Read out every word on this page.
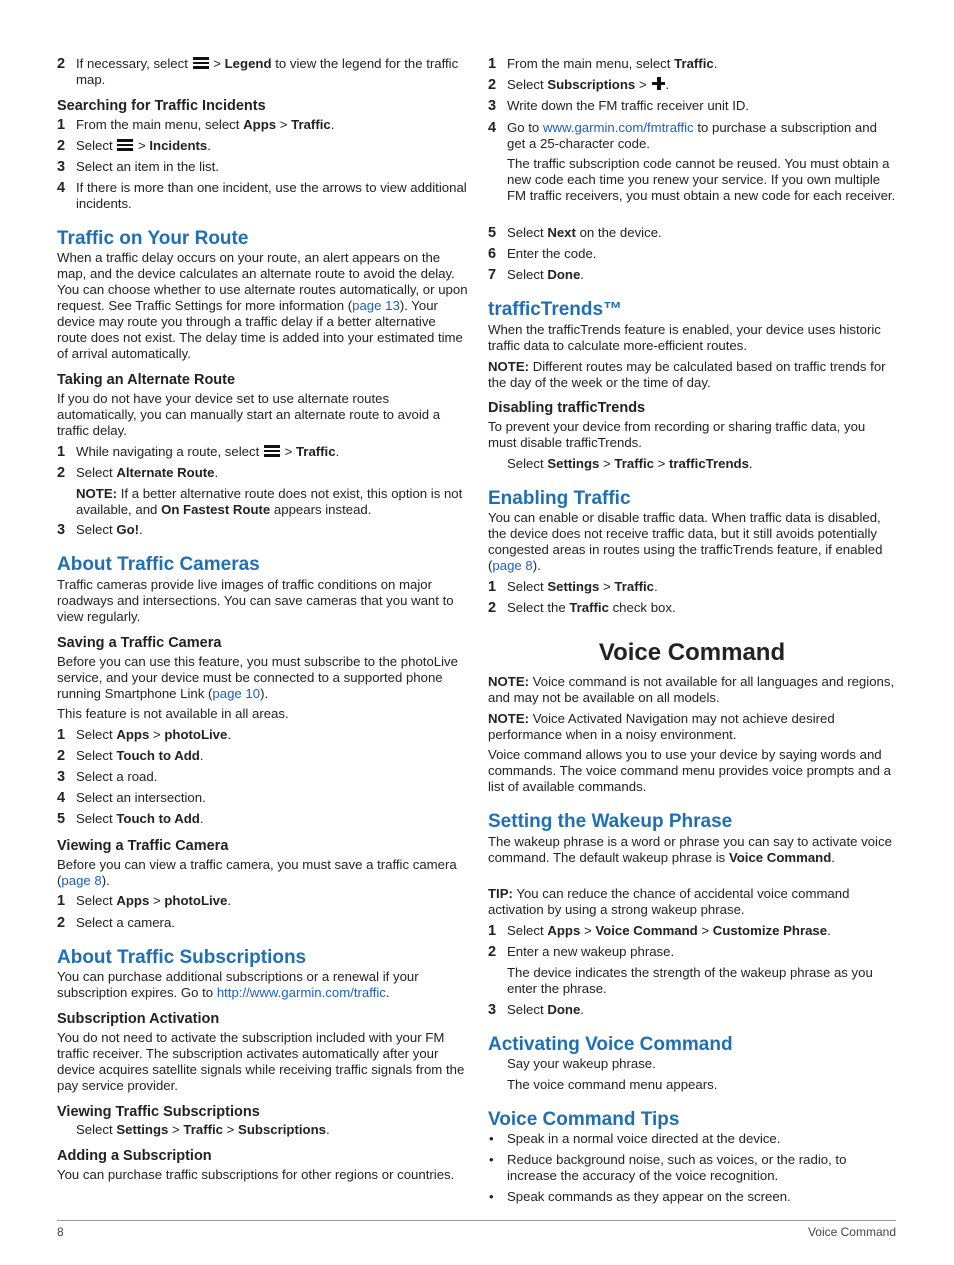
2 If necessary, select > Legend to view the legend for the traffic map.
Searching for Traffic Incidents
1 From the main menu, select Apps > Traffic.
2 Select > Incidents.
3 Select an item in the list.
4 If there is more than one incident, use the arrows to view additional incidents.
Traffic on Your Route
When a traffic delay occurs on your route, an alert appears on the map, and the device calculates an alternate route to avoid the delay. You can choose whether to use alternate routes automatically, or upon request. See Traffic Settings for more information (page 13). Your device may route you through a traffic delay if a better alternative route does not exist. The delay time is added into your estimated time of arrival automatically.
Taking an Alternate Route
If you do not have your device set to use alternate routes automatically, you can manually start an alternate route to avoid a traffic delay.
1 While navigating a route, select > Traffic.
2 Select Alternate Route.
NOTE: If a better alternative route does not exist, this option is not available, and On Fastest Route appears instead.
3 Select Go!.
About Traffic Cameras
Traffic cameras provide live images of traffic conditions on major roadways and intersections. You can save cameras that you want to view regularly.
Saving a Traffic Camera
Before you can use this feature, you must subscribe to the photoLive service, and your device must be connected to a supported phone running Smartphone Link (page 10).
This feature is not available in all areas.
1 Select Apps > photoLive.
2 Select Touch to Add.
3 Select a road.
4 Select an intersection.
5 Select Touch to Add.
Viewing a Traffic Camera
Before you can view a traffic camera, you must save a traffic camera (page 8).
1 Select Apps > photoLive.
2 Select a camera.
About Traffic Subscriptions
You can purchase additional subscriptions or a renewal if your subscription expires. Go to http://www.garmin.com/traffic.
Subscription Activation
You do not need to activate the subscription included with your FM traffic receiver. The subscription activates automatically after your device acquires satellite signals while receiving traffic signals from the pay service provider.
Viewing Traffic Subscriptions
Select Settings > Traffic > Subscriptions.
Adding a Subscription
You can purchase traffic subscriptions for other regions or countries.
1 From the main menu, select Traffic.
2 Select Subscriptions > .
3 Write down the FM traffic receiver unit ID.
4 Go to www.garmin.com/fmtraffic to purchase a subscription and get a 25-character code.
The traffic subscription code cannot be reused. You must obtain a new code each time you renew your service. If you own multiple FM traffic receivers, you must obtain a new code for each receiver.
5 Select Next on the device.
6 Enter the code.
7 Select Done.
trafficTrends™
When the trafficTrends feature is enabled, your device uses historic traffic data to calculate more-efficient routes.
NOTE: Different routes may be calculated based on traffic trends for the day of the week or the time of day.
Disabling trafficTrends
To prevent your device from recording or sharing traffic data, you must disable trafficTrends.
Select Settings > Traffic > trafficTrends.
Enabling Traffic
You can enable or disable traffic data. When traffic data is disabled, the device does not receive traffic data, but it still avoids potentially congested areas in routes using the trafficTrends feature, if enabled (page 8).
1 Select Settings > Traffic.
2 Select the Traffic check box.
Voice Command
NOTE: Voice command is not available for all languages and regions, and may not be available on all models.
NOTE: Voice Activated Navigation may not achieve desired performance when in a noisy environment.
Voice command allows you to use your device by saying words and commands. The voice command menu provides voice prompts and a list of available commands.
Setting the Wakeup Phrase
The wakeup phrase is a word or phrase you can say to activate voice command. The default wakeup phrase is Voice Command.
TIP: You can reduce the chance of accidental voice command activation by using a strong wakeup phrase.
1 Select Apps > Voice Command > Customize Phrase.
2 Enter a new wakeup phrase.
The device indicates the strength of the wakeup phrase as you enter the phrase.
3 Select Done.
Activating Voice Command
Say your wakeup phrase.
The voice command menu appears.
Voice Command Tips
• Speak in a normal voice directed at the device.
• Reduce background noise, such as voices, or the radio, to increase the accuracy of the voice recognition.
• Speak commands as they appear on the screen.
8	Voice Command
